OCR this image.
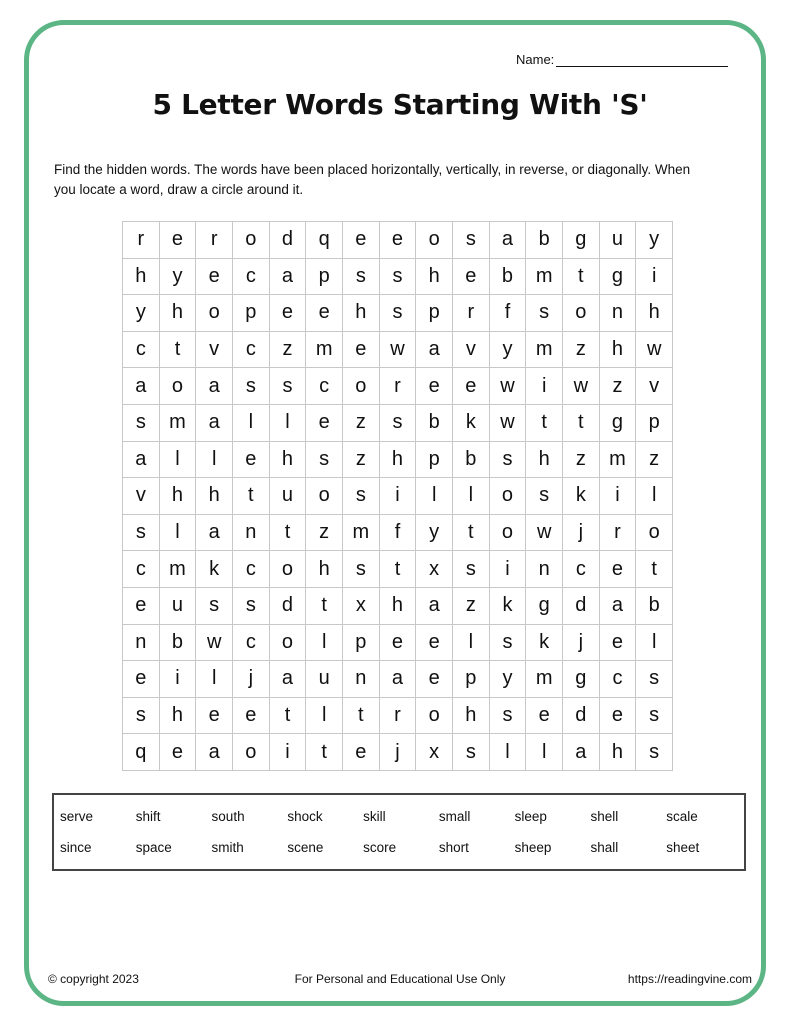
Name:
5 Letter Words Starting With 'S'
Find the hidden words. The words have been placed horizontally, vertically, in reverse, or diagonally. When you locate a word, draw a circle around it.
r	e	r	o	d	q	e	e	o	s	a	b	g	u	y
h	y	e	c	a	p	s	s	h	e	b	m	t	g	i
y	h	o	p	e	e	h	s	p	r	f	s	o	n	h
c	t	v	c	z	m	e	w	a	v	y	m	z	h	w
a	o	a	s	s	c	o	r	e	e	w	i	w	z	v
s	m	a	l	l	e	z	s	b	k	w	t	t	g	p
a	l	l	e	h	s	z	h	p	b	s	h	z	m	z
v	h	h	t	u	o	s	i	l	l	o	s	k	i	l
s	l	a	n	t	z	m	f	y	t	o	w	j	r	o
c	m	k	c	o	h	s	t	x	s	i	n	c	e	t
e	u	s	s	d	t	x	h	a	z	k	g	d	a	b
n	b	w	c	o	l	p	e	e	l	s	k	j	e	l
e	i	l	j	a	u	n	a	e	p	y	m	g	c	s
s	h	e	e	t	l	t	r	o	h	s	e	d	e	s
q	e	a	o	i	t	e	j	x	s	l	l	a	h	s
serve	shift	south	shock	skill	small	sleep	shell	scale
since	space	smith	scene	score	short	sheep	shall	sheet
© copyright 2023	For Personal and Educational Use Only	https://readingvine.com
